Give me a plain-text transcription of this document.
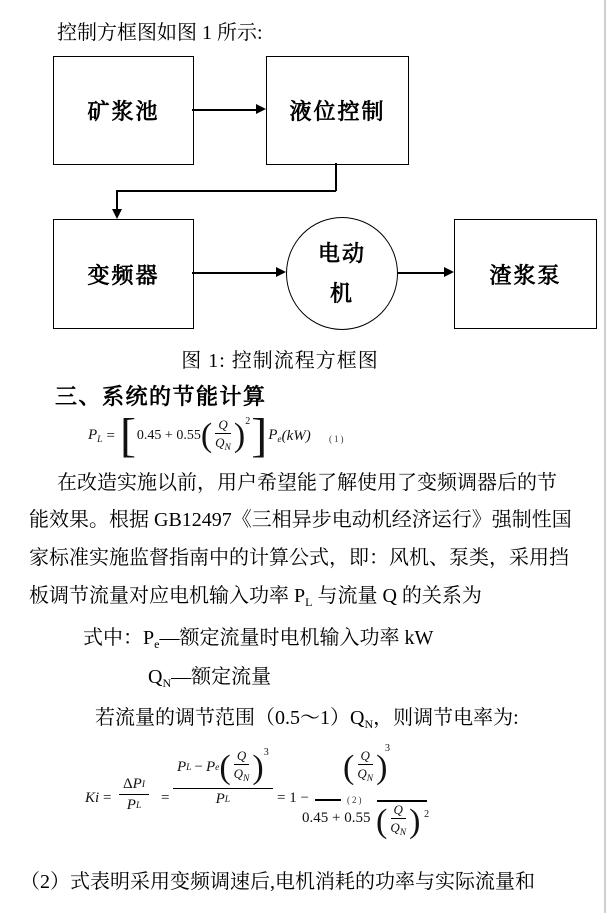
控制方框图如图 1 所示:
矿浆池	液位控制
变频器
电动
机
渣浆泵
图 1: 控制流程方框图
三、系统的节能计算
$P_L$ = [ 0.45 + 0.55 ( $\frac{Q}{Q_N}$ ) 2 ] $P_e$ (kW) (1)
在改造实施以前，用户希望能了解使用了变频调器后的节
能效果。根据 GB12497《三相异步电动机经济运行》强制性国
家标准实施监督指南中的计算公式，即：风机、泵类，采用挡
板调节流量对应电机输入功率 $P_L$ 与流量 Q 的关系为
式中：$P_e—$额定流量时电机输入功率 kW
$Q_N—$额定流量
若流量的调节范围$(0.5\sim 1)Q_N$，则调节电率为:
Ki =
Δ P I
P L =
P L − P e ( $\frac{Q}{Q_N}$ ) 3
P L	= 1 −
( $\frac{Q}{Q_N}$ )
3
(2)
0.45 + 0.55 ( $\frac{Q}{Q_N}$ ) $^2$
（2）式表明采用变频调速后,电机消耗的功率与实际流量和
